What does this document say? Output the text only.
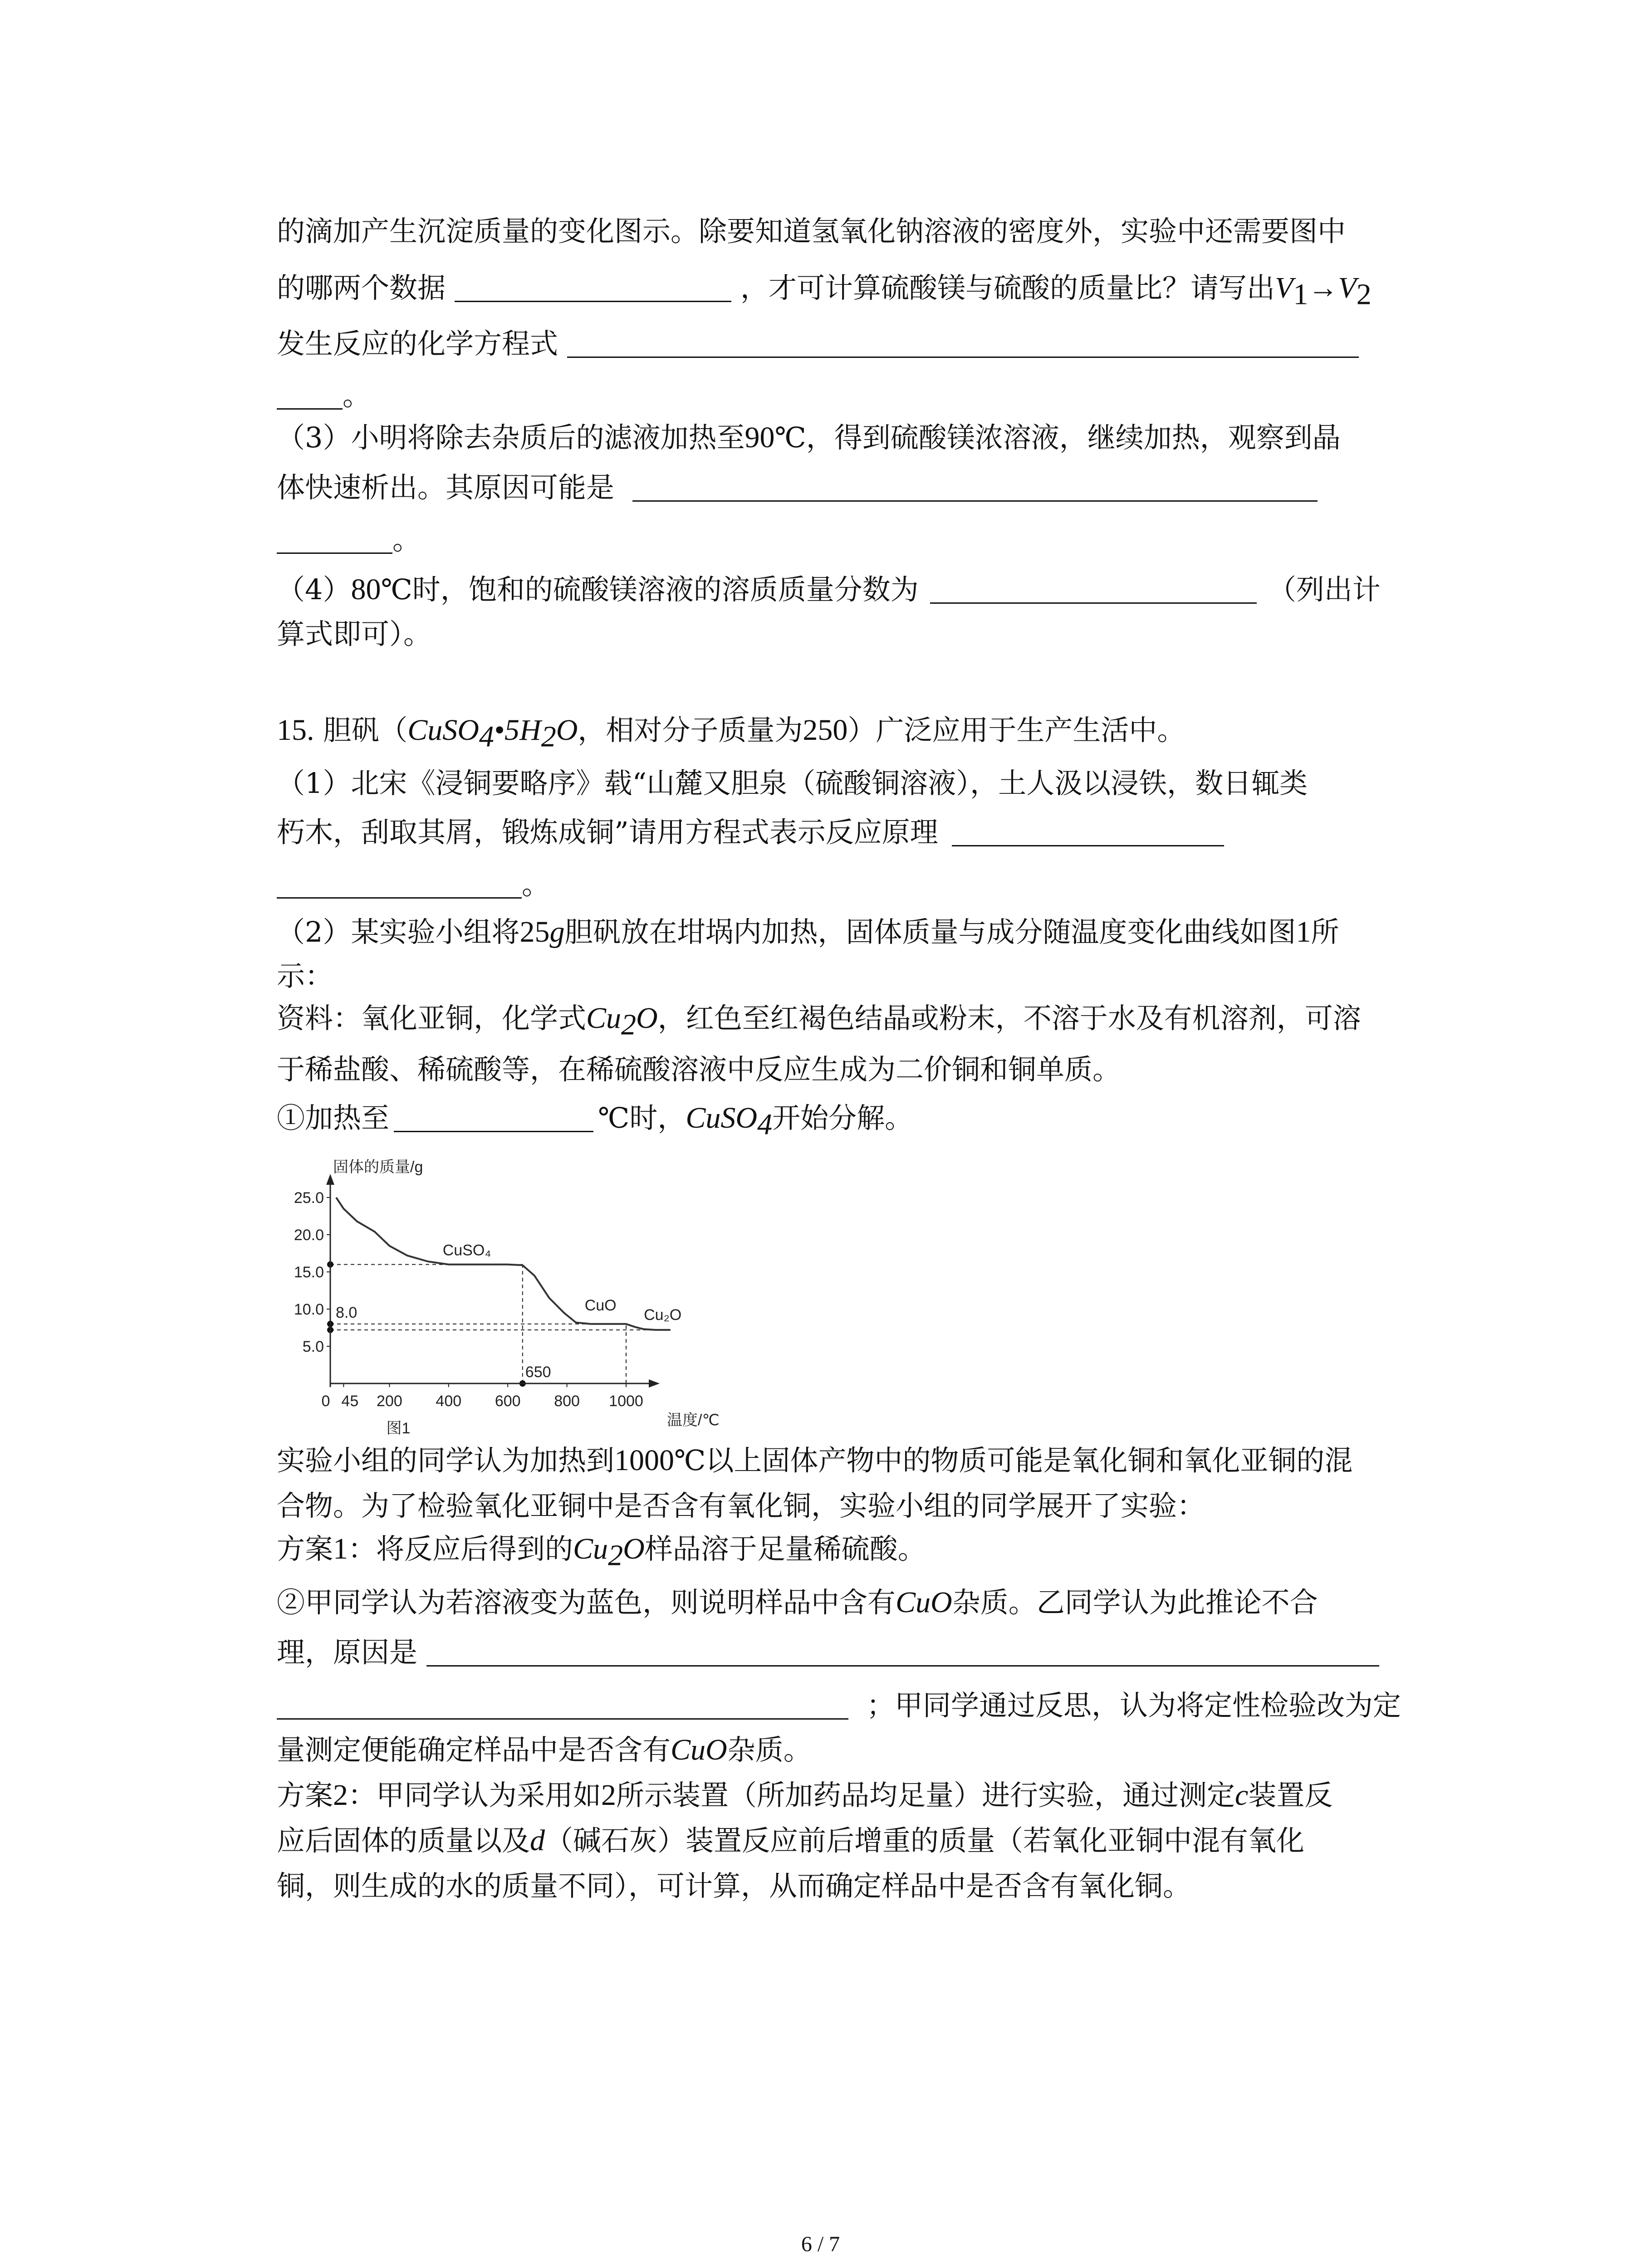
的滴加产生沉淀质量的变化图示。除要知道氢氧化钠溶液的密度外，实验中还需要图中
的哪两个数据	，才可计算硫酸镁与硫酸的质量比？请写出$V_1\to V_2$
发生反应的化学方程式
。
（3）小明将除去杂质后的滤液加热至90℃，得到硫酸镁浓溶液，继续加热，观察到晶
体快速析出。其原因可能是
。
（4）80℃时，饱和的硫酸镁溶液的溶质质量分数为	（列出计
算式即可）。
15. 胆矾（$CuSO_4•5H_2O$，相对分子质量为250）广泛应用于生产生活中。
（1）北宋《浸铜要略序》载“山麓又胆泉（硫酸铜溶液），土人汲以浸铁，数日辄类
朽木，刮取其屑，锻炼成铜”请用方程式表示反应原理
。
（2）某实验小组将25g胆矾放在坩埚内加热，固体质量与成分随温度变化曲线如图1所
示：
资料：氧化亚铜，化学式$Cu_2O$，红色至红褐色结晶或粉末，不溶于水及有机溶剂，可溶
于稀盐酸、稀硫酸等，在稀硫酸溶液中反应生成为二价铜和铜单质。
①加热至	℃时，CuSO$_4$开始分解。
5.0
10.0
15.0
20.0
25.0
0 45 200 400 600 800 1000
固体的质量/g
温度/℃
图1
8.0
650
CuSO₄
CuO
Cu₂O
实验小组的同学认为加热到1000℃以上固体产物中的物质可能是氧化铜和氧化亚铜的混
合物。为了检验氧化亚铜中是否含有氧化铜，实验小组的同学展开了实验：
方案1：将反应后得到的$Cu_2O$样品溶于足量稀硫酸。
②甲同学认为若溶液变为蓝色，则说明样品中含有CuO杂质。乙同学认为此推论不合
理，原因是
；甲同学通过反思，认为将定性检验改为定
量测定便能确定样品中是否含有CuO杂质。
方案2：甲同学认为采用如2所示装置（所加药品均足量）进行实验，通过测定c装置反
应后固体的质量以及d（碱石灰）装置反应前后增重的质量（若氧化亚铜中混有氧化
铜，则生成的水的质量不同），可计算，从而确定样品中是否含有氧化铜。
6 / 7
